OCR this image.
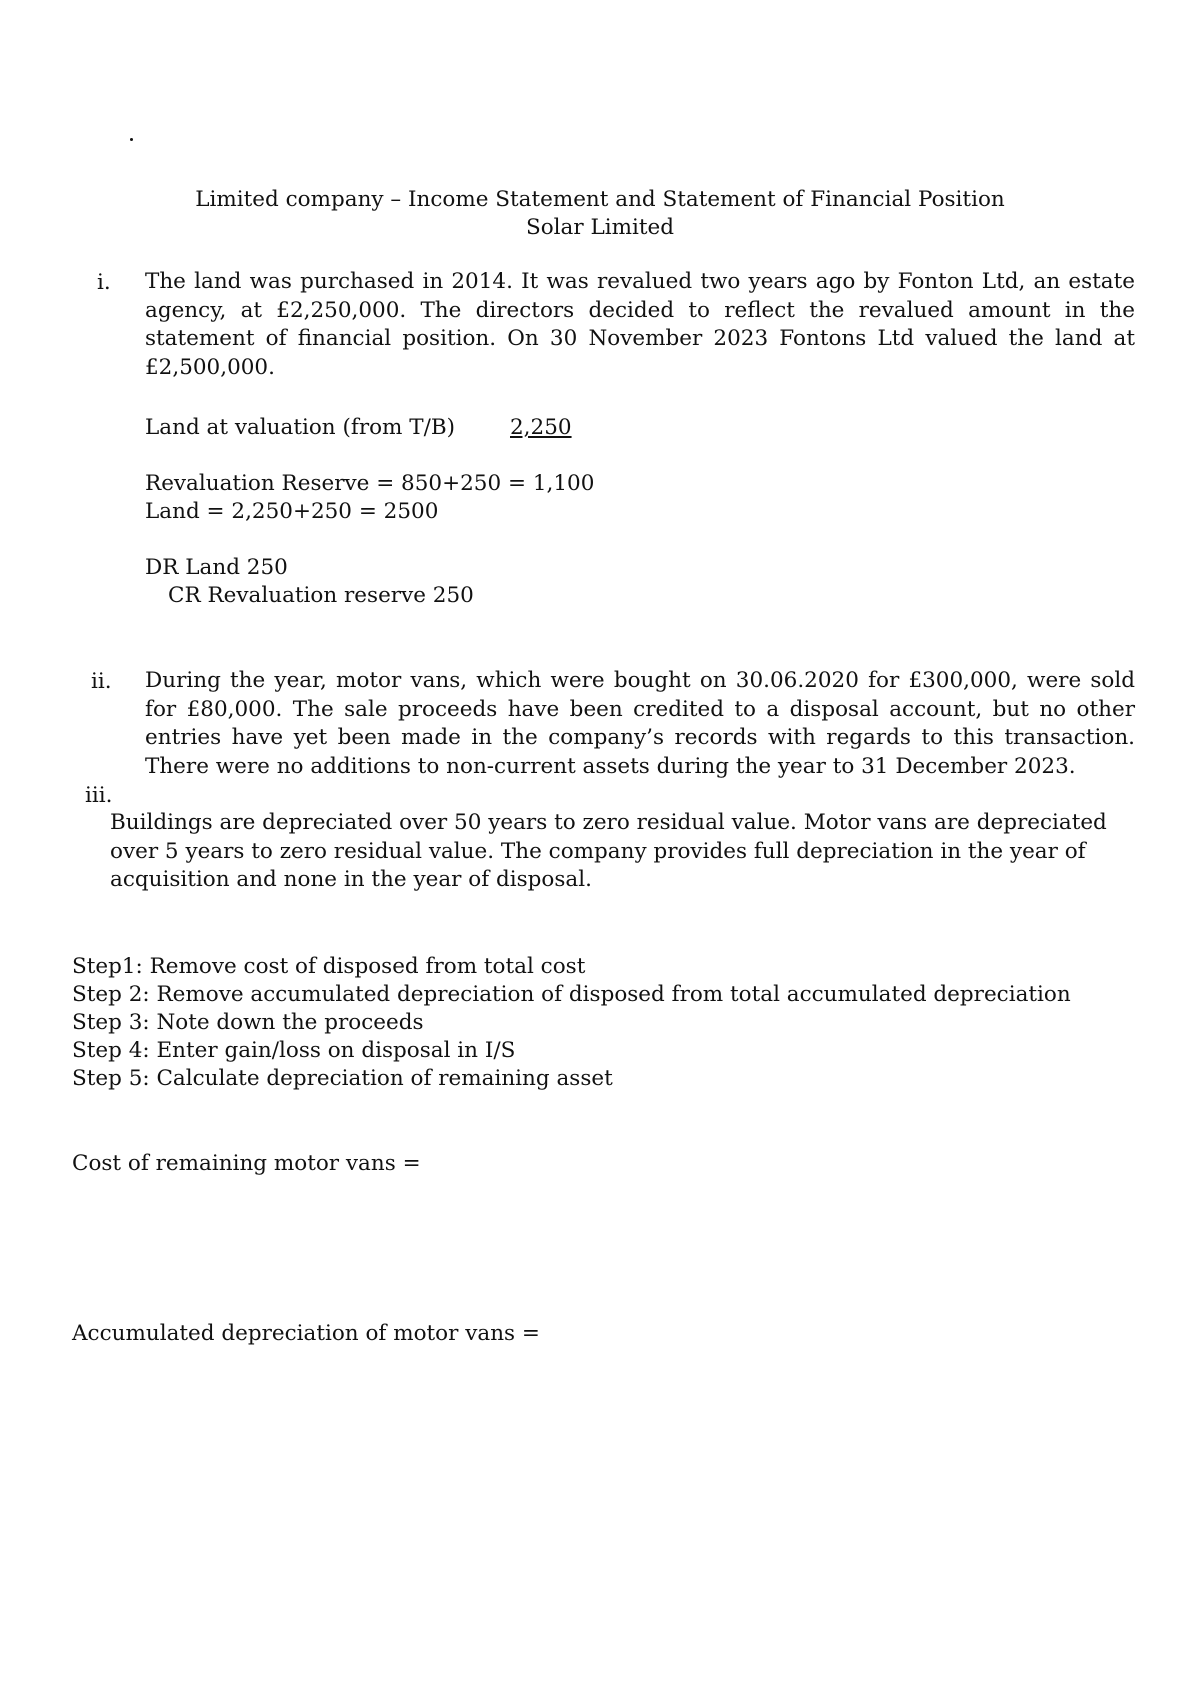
Limited company – Income Statement and Statement of Financial Position
Solar Limited
i. The land was purchased in 2014. It was revalued two years ago by Fonton Ltd, an estate agency, at £2,250,000. The directors decided to reflect the revalued amount in the statement of financial position. On 30 November 2023 Fontons Ltd valued the land at £2,500,000.
Land at valuation (from T/B)	2,250
Revaluation Reserve = 850+250 = 1,100
Land = 2,250+250 = 2500
DR Land 250
CR Revaluation reserve 250
ii. During the year, motor vans, which were bought on 30.06.2020 for £300,000, were sold for £80,000. The sale proceeds have been credited to a disposal account, but no other entries have yet been made in the company’s records with regards to this transaction. There were no additions to non-current assets during the year to 31 December 2023.
iii.
Buildings are depreciated over 50 years to zero residual value. Motor vans are depreciated over 5 years to zero residual value. The company provides full depreciation in the year of acquisition and none in the year of disposal.
Step1: Remove cost of disposed from total cost
Step 2: Remove accumulated depreciation of disposed from total accumulated depreciation
Step 3: Note down the proceeds
Step 4: Enter gain/loss on disposal in I/S
Step 5: Calculate depreciation of remaining asset
Cost of remaining motor vans =
Accumulated depreciation of motor vans =
